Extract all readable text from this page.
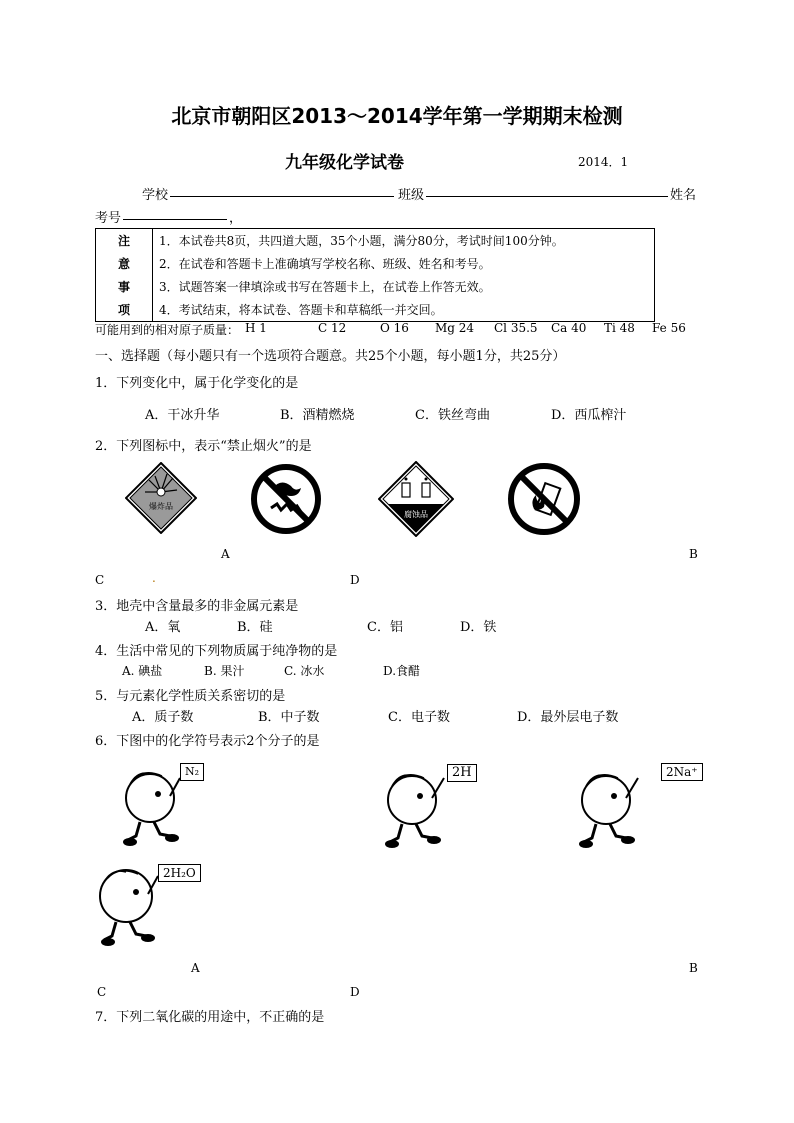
北京市朝阳区2013～2014学年第一学期期末检测
九年级化学试卷	2014．1
学校	班级	姓名
考号	，
注	1．本试卷共8页，共四道大题，35个小题，满分80分，考试时间100分钟。
意	2．在试卷和答题卡上准确填写学校名称、班级、姓名和考号。
事	3．试题答案一律填涂或书写在答题卡上，在试卷上作答无效。
项	4．考试结束，将本试卷、答题卡和草稿纸一并交回。
可能用到的相对原子质量： H 1	C 12	O 16 Mg 24 Cl 35.5 Ca 40 Ti 48 Fe 56
一、选择题（每小题只有一个选项符合题意。共25个小题，每小题1分，共25分）
1．下列变化中，属于化学变化的是
A．干冰升华	B．酒精燃烧	C．铁丝弯曲	D．西瓜榨汁
2．下列图标中，表示“禁止烟火”的是
爆炸品
腐蚀品
A	B
C	.	D
3．地壳中含量最多的非金属元素是
A．氧	B．硅	C．铝	D．铁
4．生活中常见的下列物质属于纯净物的是
A. 碘盐	B. 果汁	C. 冰水	D.食醋
5．与元素化学性质关系密切的是
A．质子数	B．中子数	C．电子数	D．最外层电子数
6．下图中的化学符号表示2个分子的是
N₂	2H	2Na⁺
2H₂O
A	B
C	D
7．下列二氧化碳的用途中，不正确的是
